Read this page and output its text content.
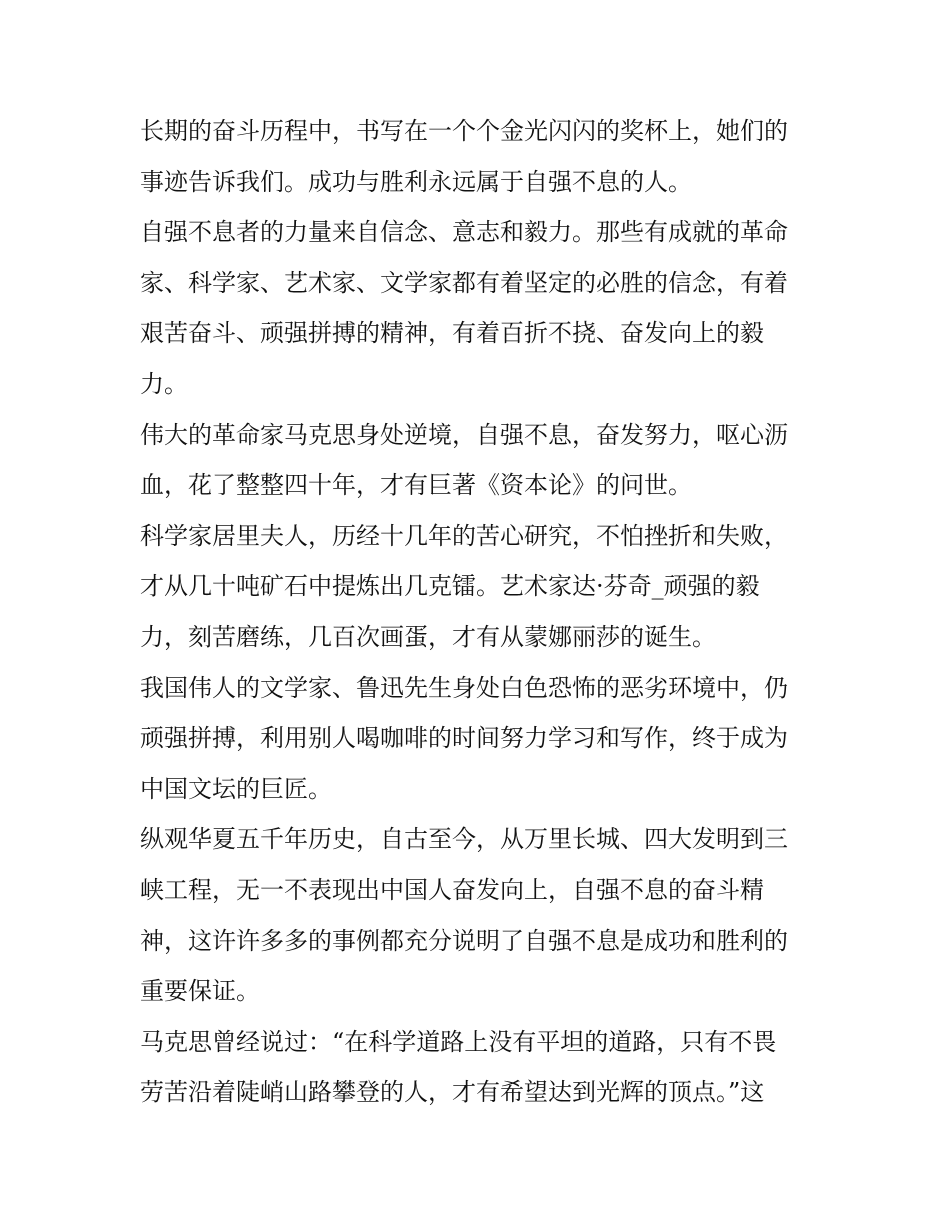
长期的奋斗历程中，书写在一个个金光闪闪的奖杯上，她们的
事迹告诉我们。成功与胜利永远属于自强不息的人。
自强不息者的力量来自信念、意志和毅力。那些有成就的革命
家、科学家、艺术家、文学家都有着坚定的必胜的信念，有着
艰苦奋斗、顽强拼搏的精神，有着百折不挠、奋发向上的毅
力。
伟大的革命家马克思身处逆境，自强不息，奋发努力，呕心沥
血，花了整整四十年，才有巨著《资本论》的问世。
科学家居里夫人，历经十几年的苦心研究，不怕挫折和失败，
才从几十吨矿石中提炼出几克镭。艺术家达·芬奇_顽强的毅
力，刻苦磨练，几百次画蛋，才有从蒙娜丽莎的诞生。
我国伟人的文学家、鲁迅先生身处白色恐怖的恶劣环境中，仍
顽强拼搏，利用别人喝咖啡的时间努力学习和写作，终于成为
中国文坛的巨匠。
纵观华夏五千年历史，自古至今，从万里长城、四大发明到三
峡工程，无一不表现出中国人奋发向上，自强不息的奋斗精
神，这许许多多的事例都充分说明了自强不息是成功和胜利的
重要保证。
马克思曾经说过：“在科学道路上没有平坦的道路，只有不畏
劳苦沿着陡峭山路攀登的人，才有希望达到光辉的顶点。”这
